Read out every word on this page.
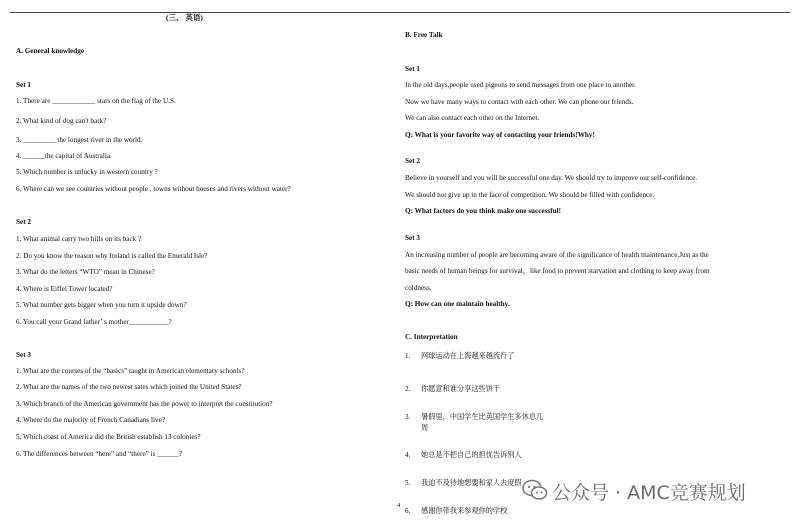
(三、 英语)
A. General knowledge
Set 1
1. There are ____________ stars on the flag of the U.S.
2. What kind of dog can't bark?
3. _________ the longest river in the world.
4. ______the capital of Australia.
5. Which number is unlucky in western country ?
6. Where can we see countries without people , towns without houses and rivers without water?
Set 2
1. What animal carry two hills on its back ?
2. Do you know the reason why Ireland is called the Emerald Isle?
3. What do the letters “WTO” mean in Chinese?
4. Where is Eiffel Tower located?
5. What number gets bigger when you turn it upside down?
6. You call your Grand father’ s mother___________?
Set 3
1. What are the courses of the “basics” taught in American elementary schools?
2. What are the names of the two newest sates which joined the United States?
3. Which branch of the American government has the power to interpret the constitution?
4. Where do the majority of French Canadians live?
5. Which coast of America did the British establish 13 colonies?
6. The differences between “here” and “there” is ______?
B. Free Talk
Set 1
In the old days,people used pigeons to send messages from one place to another.
Now we have many ways to contact with each other. We can phone our friends.
We can also contact each other on the Internet.
Q: What is your favorite way of contacting your friends!Why!
Set 2
Believe in yourself and you will be successful one day. We should try to improve our self-confidence.
We should not give up in the face of competition. We should be filled with confidence.
Q: What factors do you think make one successful!
Set 3
An increasing number of people are becoming aware of the significance of health maintenance.Just as the
basic needs of human beings for survival，like food to prevent starvation and clothing to keep away from
coldness.
Q: How can one maintain healthy.
C. Interpretation
1. 网球运动在上海越来越流行了
2. 你愿意和谁分享这些饼干
3. 暑假里，中国学生比英国学生多休息几
周
4. 她总是不把自己的担忧告诉别人
5. 我迫不及待地想要和家人去度假
6. 感谢你带我来参观你的学校
4
公众号 · AMC竞赛规划
